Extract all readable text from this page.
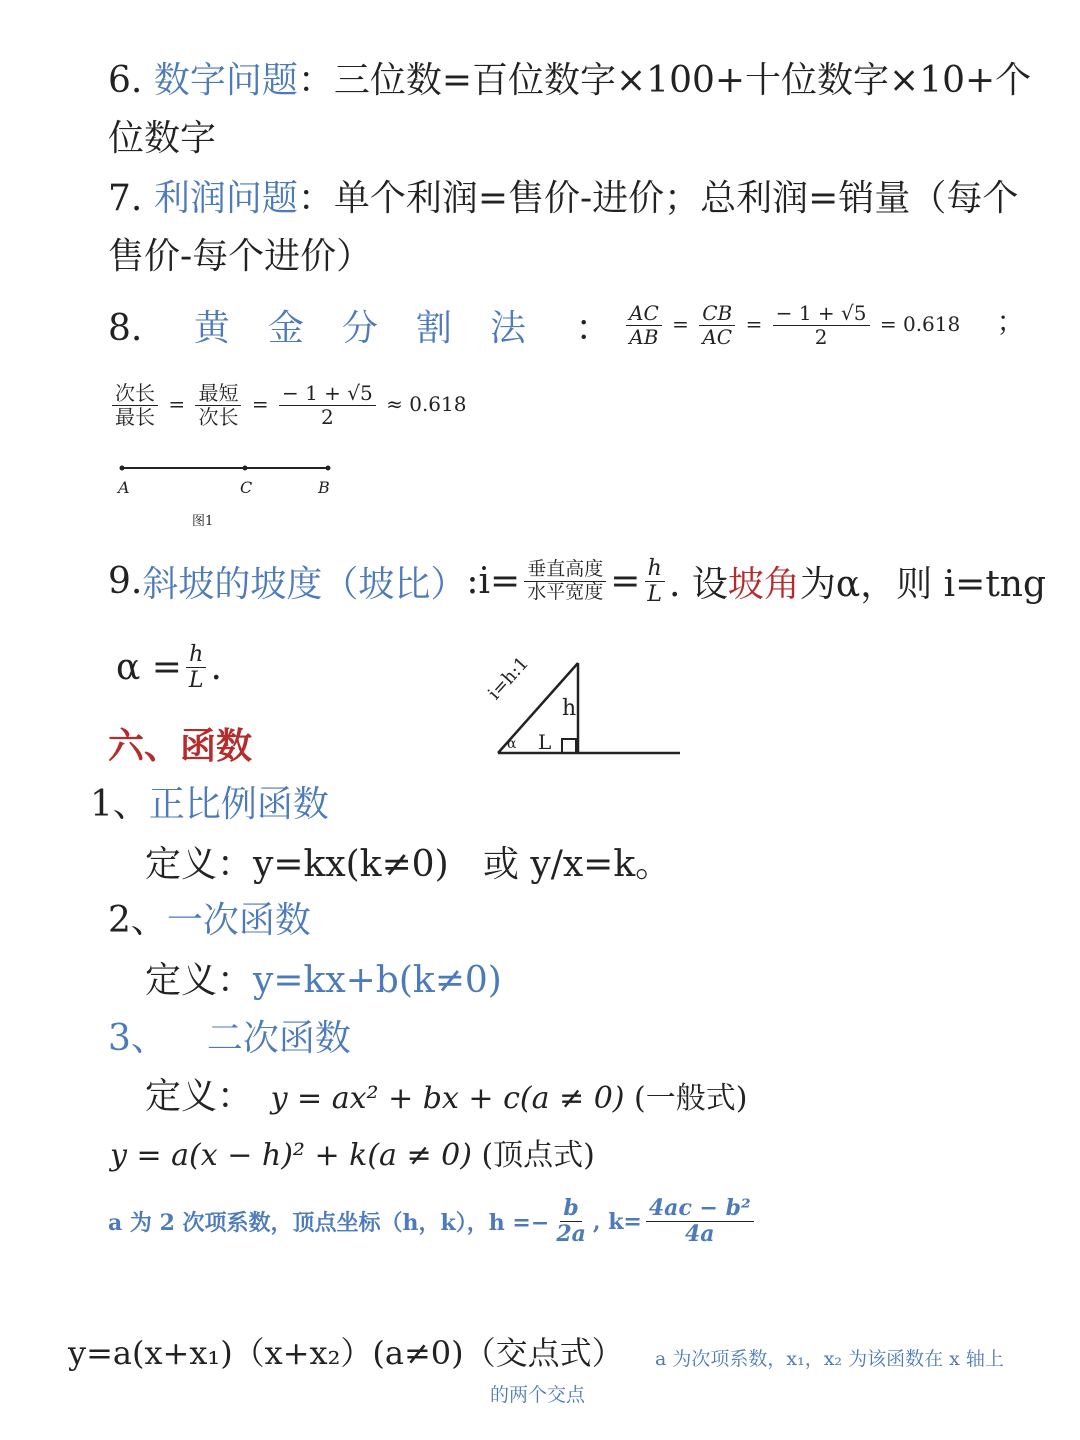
6. 数字问题：三位数=百位数字×100+十位数字×10+个
位数字
7. 利润问题：单个利润=售价-进价；总利润=销量（每个
售价-每个进价）
8. 黄 金 分 割 法 ： $\frac{AC}{AB} = \frac{CB}{AC} = \frac{- 1 + √5}{2} = 0.618$ ；
$\frac{\text{次长}}{\text{最长}} = \frac{\text{最短}}{\text{次长}} = \frac{- 1 + √5}{2} \approx 0.618$
A	C	B
图1
9. 斜坡的坡度（坡比） : $i= \frac{\text{垂直高度}}{\text{水平宽度}} = \frac{h}{L}$ . 设 坡角 为α，则 i=tng
$\alpha = \frac{h}{L}$ .	i=h:1
h
L
α
六、函数
1、正比例函数
定义：y=kx(k≠0)   或 y/x=k。
2、一次函数
定义：y=kx+b(k≠0)
3、 二次函数
定义： y = ax² + bx + c(a ≠ 0) (一般式)
y = a(x − h)² + k(a ≠ 0) (顶点式)
a 为 2 次项系数，顶点坐标（h，k），$h =- \frac{b}{2a}$ , $k= \frac{\text{4ac − b²}}{4a}$
y=a(x+x₁)（x+x₂）(a≠0)（交点式） a 为次项系数，x₁，x₂ 为该函数在 x 轴上
的两个交点
